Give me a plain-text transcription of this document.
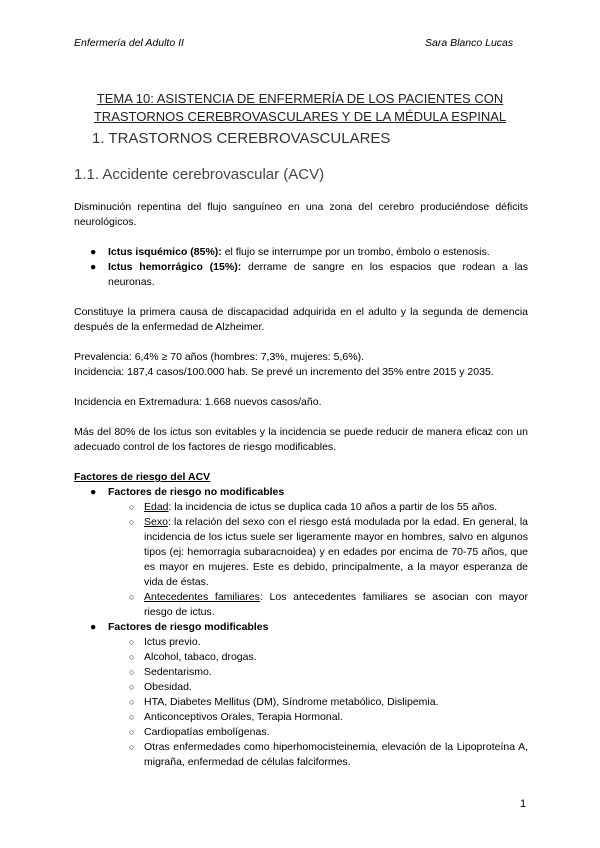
Enfermería del Adulto II	Sara Blanco Lucas
TEMA 10: ASISTENCIA DE ENFERMERÍA DE LOS PACIENTES CON
TRASTORNOS CEREBROVASCULARES Y DE LA MÉDULA ESPINAL
1. TRASTORNOS CEREBROVASCULARES
1.1. Accidente cerebrovascular (ACV)

Disminución repentina del flujo sanguíneo en una zona del cerebro produciéndose déficits neurológicos.

● Ictus isquémico (85%): el flujo se interrumpe por un trombo, émbolo o estenosis.
● Ictus hemorrágico (15%): derrame de sangre en los espacios que rodean a las neuronas.

Constituye la primera causa de discapacidad adquirida en el adulto y la segunda de demencia después de la enfermedad de Alzheimer.

Prevalencia: 6,4% ≥ 70 años (hombres: 7,3%, mujeres: 5,6%).

Incidencia: 187,4 casos/100.000 hab. Se prevé un incremento del 35% entre 2015 y 2035.

Incidencia en Extremadura: 1.668 nuevos casos/año.

Más del 80% de los ictus son evitables y la incidencia se puede reducir de manera eficaz con un adecuado control de los factores de riesgo modificables.

Factores de riesgo del ACV

● Factores de riesgo no modificables
○ Edad: la incidencia de ictus se duplica cada 10 años a partir de los 55 años.
○ Sexo: la relación del sexo con el riesgo está modulada por la edad. En general, la incidencia de los ictus suele ser ligeramente mayor en hombres, salvo en algunos tipos (ej: hemorragia subaracnoidea) y en edades por encima de 70-75 años, que es mayor en mujeres. Este es debido, principalmente, a la mayor esperanza de vida de éstas.
○ Antecedentes familiares: Los antecedentes familiares se asocian con mayor riesgo de ictus.
● Factores de riesgo modificables
○ Ictus previo.
○ Alcohol, tabaco, drogas.
○ Sedentarismo.
○ Obesidad.
○ HTA, Diabetes Mellitus (DM), Síndrome metabólico, Dislipemia.
○ Anticonceptivos Orales, Terapia Hormonal.
○ Cardiopatías embolígenas.
○ Otras enfermedades como hiperhomocisteinemia, elevación de la Lipoproteína A, migraña, enfermedad de células falciformes.
1
